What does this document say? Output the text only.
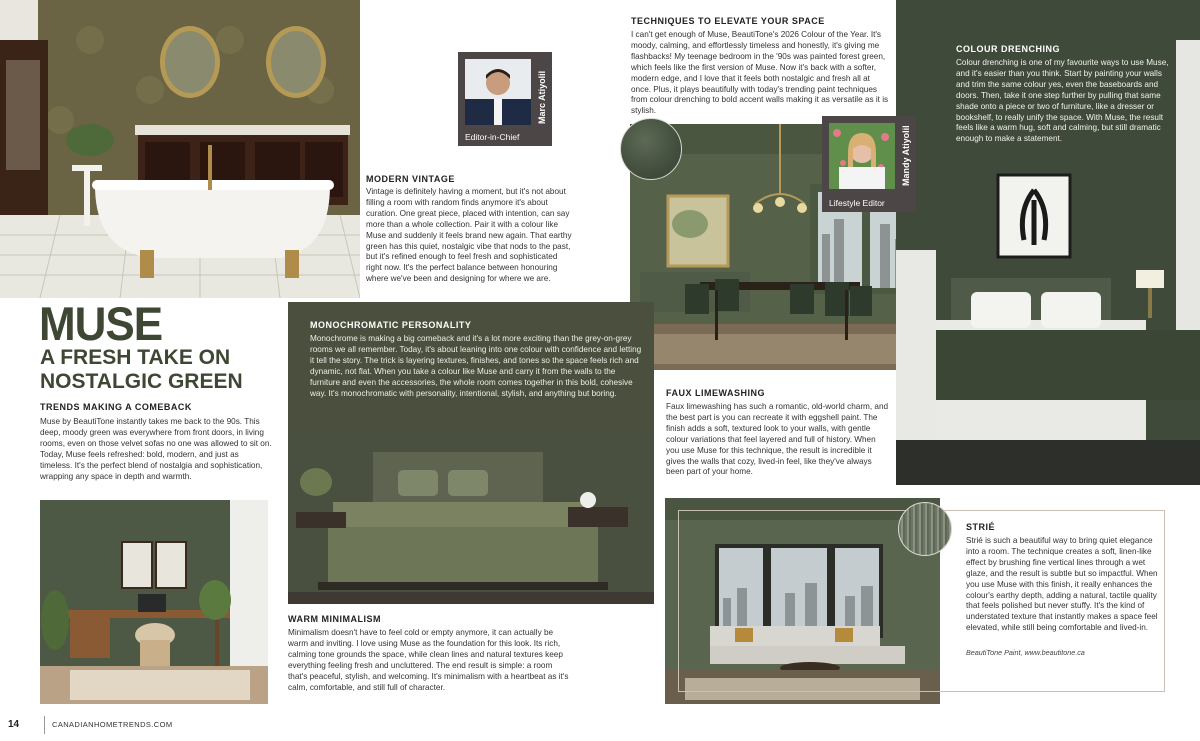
MUSE
A FRESH TAKE ON
NOSTALGIC GREEN
TRENDS MAKING A COMEBACK
Muse by BeautiTone instantly takes me back to the 90s. This deep, moody green was everywhere from front doors, in living rooms, even on those velvet sofas no one was allowed to sit on. Today, Muse feels refreshed: bold, modern, and just as timeless. It's the perfect blend of nostalgia and sophistication, wrapping any space in depth and warmth.
MODERN VINTAGE
Vintage is definitely having a moment, but it's not about filling a room with random finds anymore it's about curation. One great piece, placed with intention, can say more than a whole collection. Pair it with a colour like Muse and suddenly it feels brand new again. That earthy green has this quiet, nostalgic vibe that nods to the past, but it's refined enough to feel fresh and sophisticated right now. It's the perfect balance between honouring where we've been and designing for where we are.
TECHNIQUES TO ELEVATE YOUR SPACE
I can't get enough of Muse, BeautiTone's 2026 Colour of the Year. It's moody, calming, and effortlessly timeless and honestly, it's giving me flashbacks! My teenage bedroom in the '90s was painted forest green, which feels like the first version of Muse. Now it's back with a softer, modern edge, and I love that it feels both nostalgic and fresh all at once. Plus, it plays beautifully with today's trending paint techniques from colour drenching to bold accent walls making it as versatile as it is stylish.
COLOUR DRENCHING
Colour drenching is one of my favourite ways to use Muse, and it's easier than you think. Start by painting your walls and trim the same colour yes, even the baseboards and doors. Then, take it one step further by pulling that same shade onto a piece or two of furniture, like a dresser or bookshelf, to really unify the space. With Muse, the result feels like a warm hug, soft and calming, but still dramatic enough to make a statement.
MONOCHROMATIC PERSONALITY
Monochrome is making a big comeback and it's a lot more exciting than the grey-on-grey rooms we all remember. Today, it's about leaning into one colour with confidence and letting it tell the story. The trick is layering textures, finishes, and tones so the space feels rich and dynamic, not flat. When you take a colour like Muse and carry it from the walls to the furniture and even the accessories, the whole room comes together in this bold, cohesive way. It's monochromatic with personality, intentional, stylish, and anything but boring.	FAUX LIMEWASHING
Faux limewashing has such a romantic, old-world charm, and the best part is you can recreate it with eggshell paint. The finish adds a soft, textured look to your walls, with gentle colour variations that feel layered and full of history. When you use Muse for this technique, the result is incredible it gives the walls that cozy, lived-in feel, like they've always been part of your home.
WARM MINIMALISM
Minimalism doesn't have to feel cold or empty anymore, it can actually be warm and inviting. I love using Muse as the foundation for this look. Its rich, calming tone grounds the space, while clean lines and natural textures keep everything feeling fresh and uncluttered. The end result is simple: a room that's peaceful, stylish, and welcoming. It's minimalism with a heartbeat as it's calm, comfortable, and still full of character.
STRIÉ
Strié is such a beautiful way to bring quiet elegance into a room. The technique creates a soft, linen-like effect by brushing fine vertical lines through a wet glaze, and the result is subtle but so impactful. When you use Muse with this finish, it really enhances the colour's earthy depth, adding a natural, tactile quality that feels polished but never stuffy. It's the kind of understated texture that instantly makes a space feel elevated, while still being comfortable and lived-in.
BeautiTone Paint, www.beautitone.ca
Marc Atiyolil
Editor-in-Chief	Mandy Atiyolil
Lifestyle Editor
14	CANADIANHOMETRENDS.COM
